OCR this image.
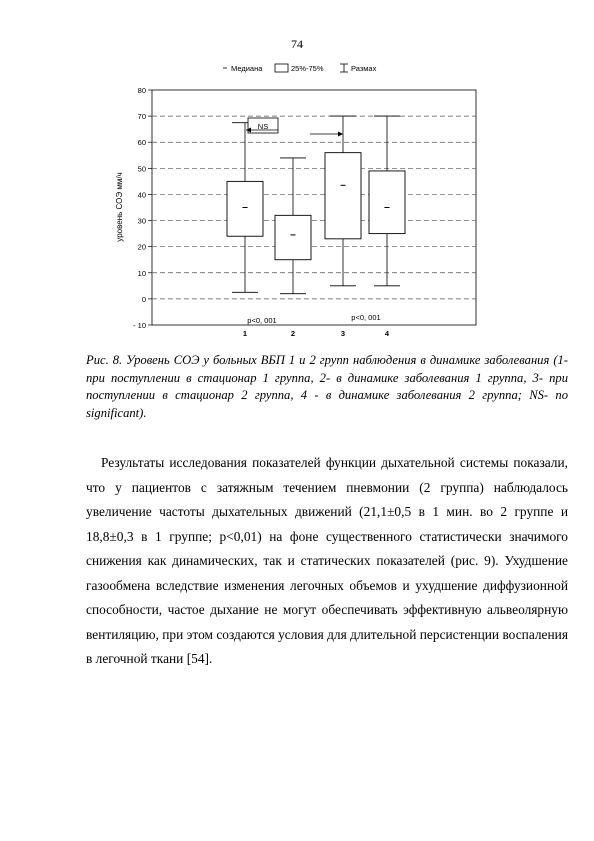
74
- 10
0
10
20
30
40
50
60
70
80
уровень СОЭ мм/ч
1	2	3	4
NS
p<0, 001	p<0, 001
Медиана	25%-75%	Размах
Рис. 8. Уровень СОЭ у больных ВБП 1 и 2 групп наблюдения в динамике заболевания (1- при поступлении в стационар 1 группа, 2- в динамике заболевания 1 группа, 3- при поступлении в стационар 2 группа, 4 - в динамике заболевания 2 группа; NS- no significant).

Результаты исследования показателей функции дыхательной системы показали, что у пациентов с затяжным течением пневмонии (2 группа) наблюдалось увеличение частоты дыхательных движений (21,1±0,5 в 1 мин. во 2 группе и 18,8±0,3 в 1 группе; p<0,01) на фоне существенного статистически значимого снижения как динамических, так и статических показателей (рис. 9). Ухудшение газообмена вследствие изменения легочных объемов и ухудшение диффузионной способности, частое дыхание не могут обеспечивать эффективную альвеолярную вентиляцию, при этом создаются условия для длительной персистенции воспаления в легочной ткани [54].
